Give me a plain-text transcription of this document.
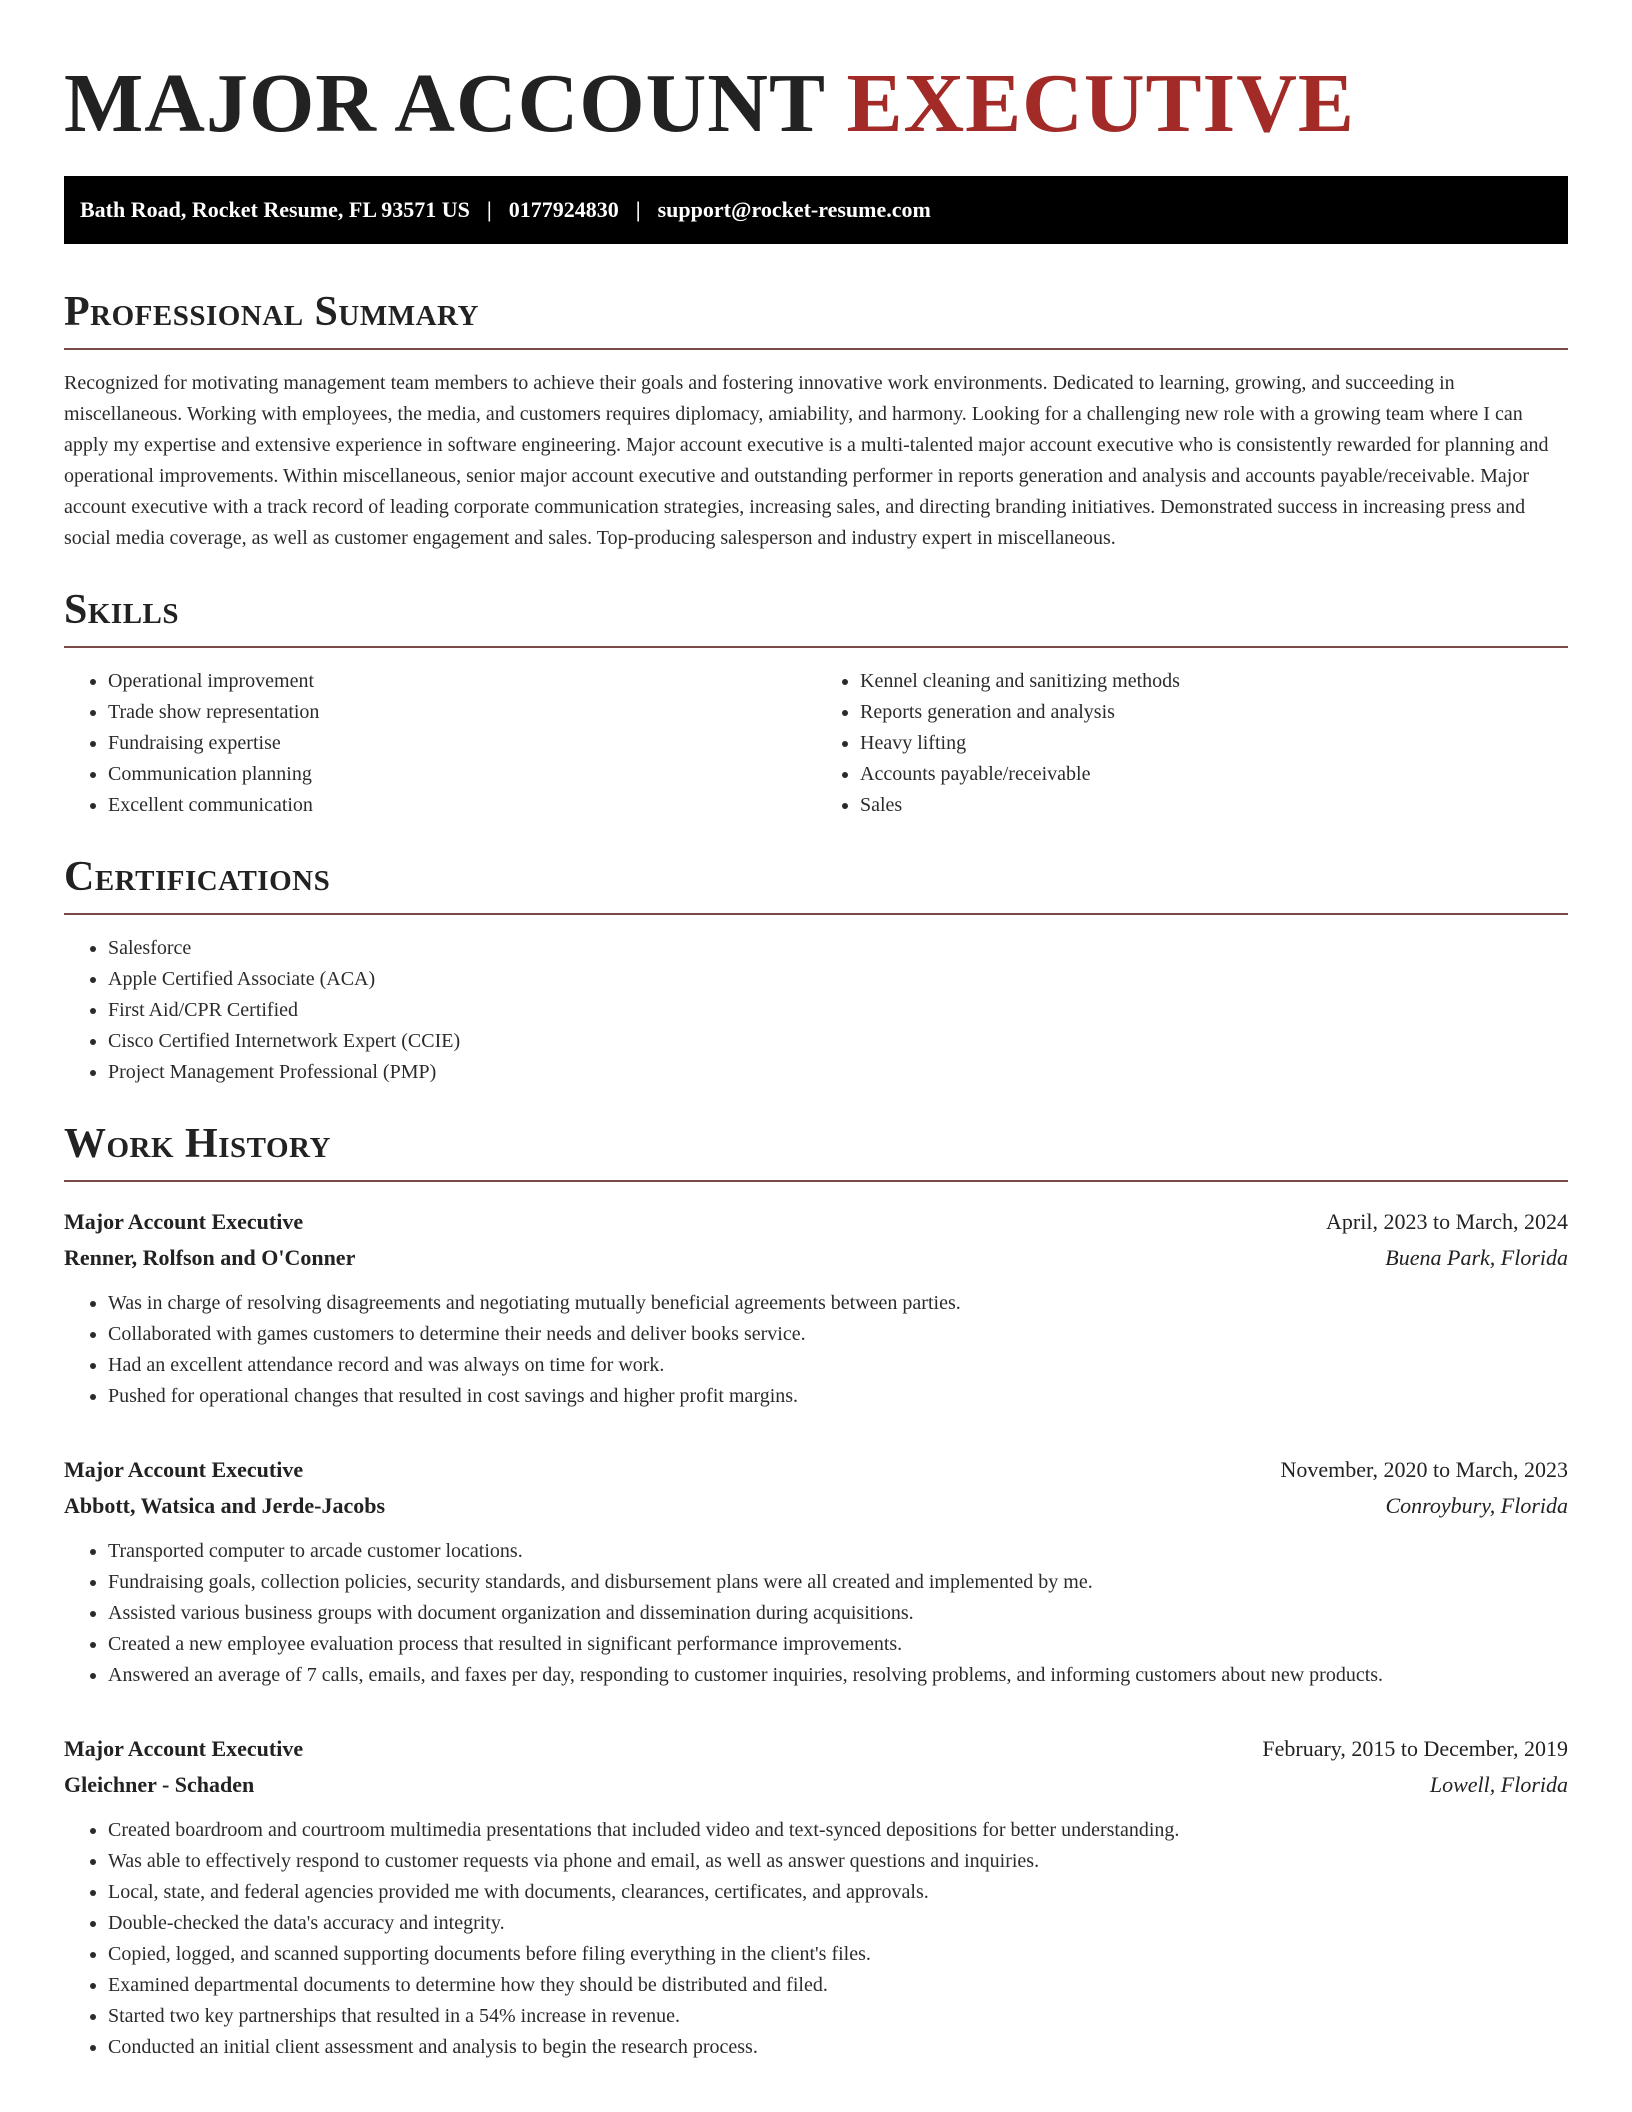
MAJOR ACCOUNT EXECUTIVE
Bath Road, Rocket Resume, FL 93571 US | 0177924830 | support@rocket-resume.com
Professional Summary

Recognized for motivating management team members to achieve their goals and fostering innovative work environments. Dedicated to learning, growing, and succeeding in miscellaneous. Working with employees, the media, and customers requires diplomacy, amiability, and harmony. Looking for a challenging new role with a growing team where I can apply my expertise and extensive experience in software engineering. Major account executive is a multi-talented major account executive who is consistently rewarded for planning and operational improvements. Within miscellaneous, senior major account executive and outstanding performer in reports generation and analysis and accounts payable/receivable. Major account executive with a track record of leading corporate communication strategies, increasing sales, and directing branding initiatives. Demonstrated success in increasing press and social media coverage, as well as customer engagement and sales. Top-producing salesperson and industry expert in miscellaneous.

Skills
• Operational improvement
• Trade show representation
• Fundraising expertise
• Communication planning
• Excellent communication
• Kennel cleaning and sanitizing methods
• Reports generation and analysis
• Heavy lifting
• Accounts payable/receivable
• Sales
Certifications
• Salesforce
• Apple Certified Associate (ACA)
• First Aid/CPR Certified
• Cisco Certified Internetwork Expert (CCIE)
• Project Management Professional (PMP)
Work History
Major Account Executive	April, 2023 to March, 2024
Renner, Rolfson and O'Conner	Buena Park, Florida
• Was in charge of resolving disagreements and negotiating mutually beneficial agreements between parties.
• Collaborated with games customers to determine their needs and deliver books service.
• Had an excellent attendance record and was always on time for work.
• Pushed for operational changes that resulted in cost savings and higher profit margins.
Major Account Executive	November, 2020 to March, 2023
Abbott, Watsica and Jerde-Jacobs	Conroybury, Florida
• Transported computer to arcade customer locations.
• Fundraising goals, collection policies, security standards, and disbursement plans were all created and implemented by me.
• Assisted various business groups with document organization and dissemination during acquisitions.
• Created a new employee evaluation process that resulted in significant performance improvements.
• Answered an average of 7 calls, emails, and faxes per day, responding to customer inquiries, resolving problems, and informing customers about new products.
Major Account Executive	February, 2015 to December, 2019
Gleichner - Schaden	Lowell, Florida
• Created boardroom and courtroom multimedia presentations that included video and text-synced depositions for better understanding.
• Was able to effectively respond to customer requests via phone and email, as well as answer questions and inquiries.
• Local, state, and federal agencies provided me with documents, clearances, certificates, and approvals.
• Double-checked the data's accuracy and integrity.
• Copied, logged, and scanned supporting documents before filing everything in the client's files.
• Examined departmental documents to determine how they should be distributed and filed.
• Started two key partnerships that resulted in a 54% increase in revenue.
• Conducted an initial client assessment and analysis to begin the research process.
